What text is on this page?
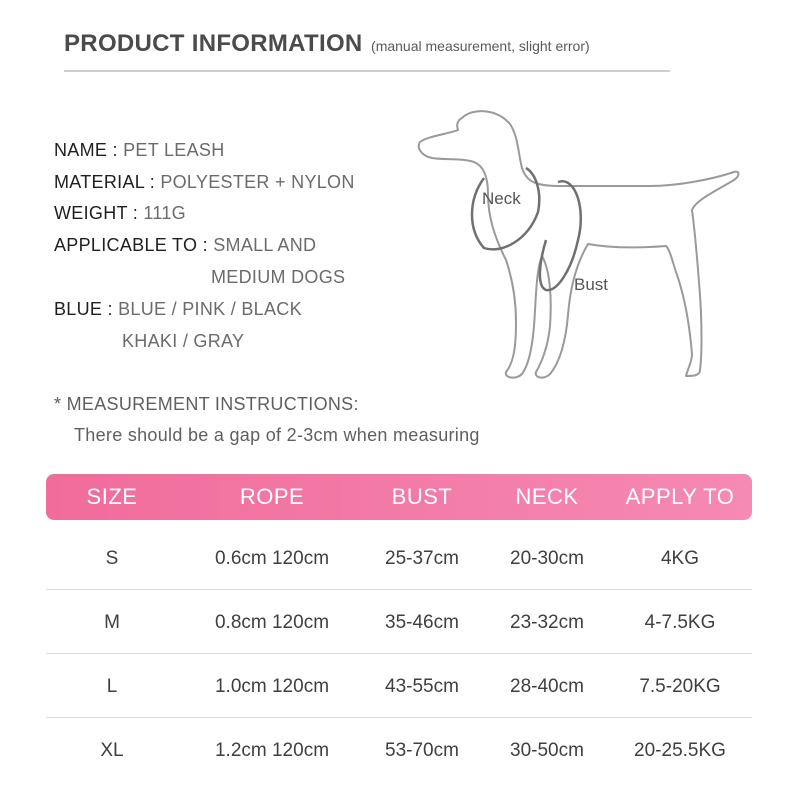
PRODUCT INFORMATION (manual measurement, slight error)
NAME : PET LEASH
MATERIAL : POLYESTER + NYLON
WEIGHT : 111G
APPLICABLE TO : SMALL AND
MEDIUM DOGS
BLUE : BLUE / PINK / BLACK
KHAKI / GRAY
Neck
Bust
* MEASUREMENT INSTRUCTIONS:
There should be a gap of 2-3cm when measuring
SIZE	ROPE	BUST	NECK	APPLY TO
S	0.6cm 120cm	25-37cm	20-30cm	4KG
M	0.8cm 120cm	35-46cm	23-32cm	4-7.5KG
L	1.0cm 120cm	43-55cm	28-40cm	7.5-20KG
XL	1.2cm 120cm	53-70cm	30-50cm	20-25.5KG
